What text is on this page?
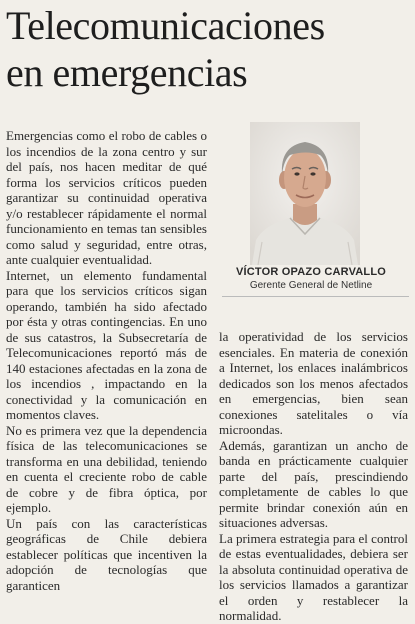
Telecomunicaciones
en emergencias

Emergencias como el robo de cables o los incendios de la zona centro y sur del país, nos hacen meditar de qué forma los servicios críticos pueden garantizar su continuidad operativa y/o restablecer rápidamente el normal funcionamiento en temas tan sensibles como salud y seguridad, entre otras, ante cualquier eventualidad.

Internet, un elemento fundamental para que los servicios críticos sigan operando, también ha sido afectado por ésta y otras contingencias. En uno de sus catastros, la Subsecretaría de Telecomunicaciones reportó más de 140 estaciones afectadas en la zona de los incendios , impactando en la conectividad y la comunicación en momentos claves.

No es primera vez que la dependencia física de las telecomunicaciones se transforma en una debilidad, teniendo en cuenta el creciente robo de cable de cobre y de fibra óptica, por ejemplo.

Un país con las características geográficas de Chile debiera establecer políticas que incentiven la adopción de tecnologías que garanticen

VÍCTOR OPAZO CARVALLO
Gerente General de Netline

la operatividad de los servicios esenciales. En materia de conexión a Internet, los enlaces inalámbricos dedicados son los menos afectados en emergencias, bien sean conexiones satelitales o vía microondas.

Además, garantizan un ancho de banda en prácticamente cualquier parte del país, prescindiendo completamente de cables lo que permite brindar conexión aún en situaciones adversas.

La primera estrategia para el control de estas eventualidades, debiera ser la absoluta continuidad operativa de los servicios llamados a garantizar el orden y restablecer la normalidad.
